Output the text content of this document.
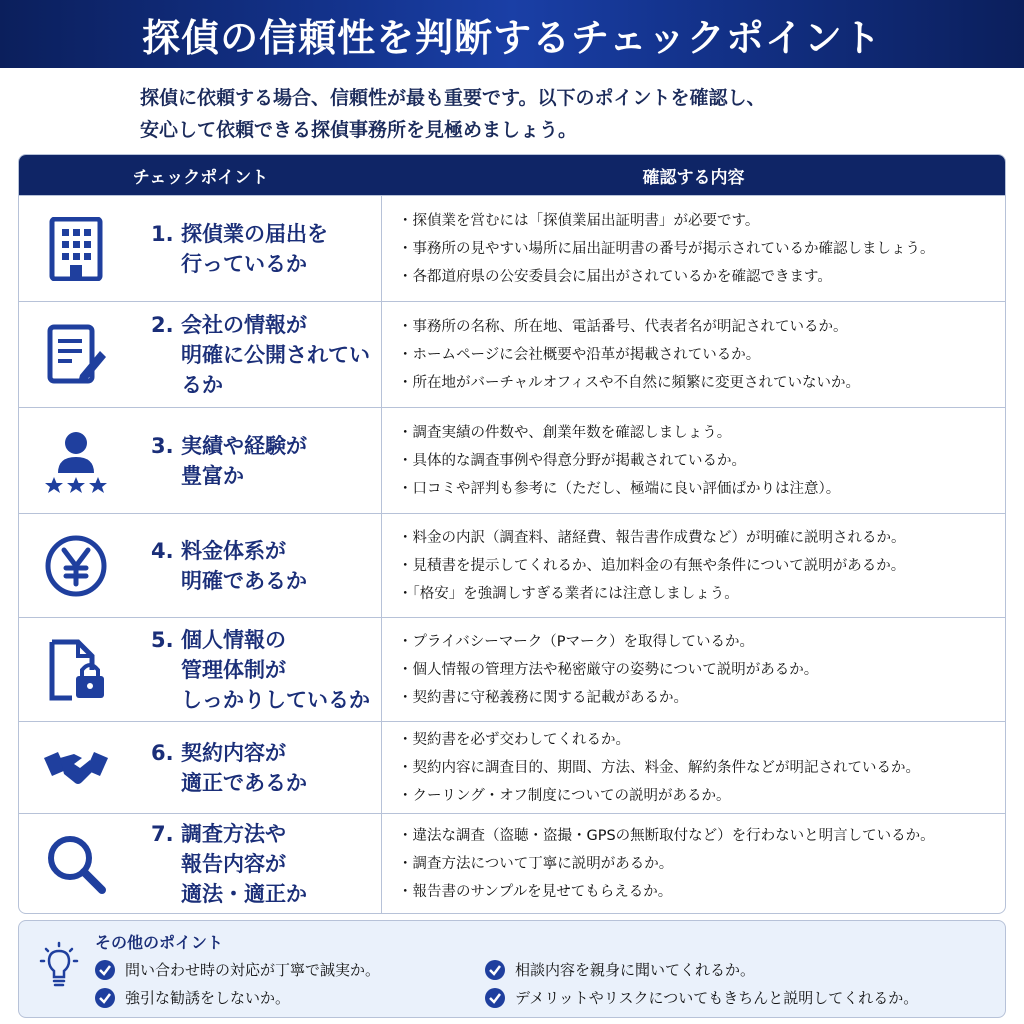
探偵の信頼性を判断するチェックポイント
探偵に依頼する場合、信頼性が最も重要です。以下のポイントを確認し、
安心して依頼できる探偵事務所を見極めましょう。
チェックポイント	確認する内容
1. 探偵業の届出を
行っているか
・探偵業を営むには「探偵業届出証明書」が必要です。
・事務所の見やすい場所に届出証明書の番号が掲示されているか確認しましょう。
・各都道府県の公安委員会に届出がされているかを確認できます。
2. 会社の情報が
明確に公開されているか
・事務所の名称、所在地、電話番号、代表者名が明記されているか。
・ホームページに会社概要や沿革が掲載されているか。
・所在地がバーチャルオフィスや不自然に頻繁に変更されていないか。
3. 実績や経験が
豊富か
・調査実績の件数や、創業年数を確認しましょう。
・具体的な調査事例や得意分野が掲載されているか。
・口コミや評判も参考に（ただし、極端に良い評価ばかりは注意）。
4. 料金体系が
明確であるか
・料金の内訳（調査料、諸経費、報告書作成費など）が明確に説明されるか。
・見積書を提示してくれるか、追加料金の有無や条件について説明があるか。
・「格安」を強調しすぎる業者には注意しましょう。
5. 個人情報の
管理体制が
しっかりしているか
・プライバシーマーク（Pマーク）を取得しているか。
・個人情報の管理方法や秘密厳守の姿勢について説明があるか。
・契約書に守秘義務に関する記載があるか。
6. 契約内容が
適正であるか
・契約書を必ず交わしてくれるか。
・契約内容に調査目的、期間、方法、料金、解約条件などが明記されているか。
・クーリング・オフ制度についての説明があるか。
7. 調査方法や
報告内容が
適法・適正か
・違法な調査（盗聴・盗撮・GPSの無断取付など）を行わないと明言しているか。
・調査方法について丁寧に説明があるか。
・報告書のサンプルを見せてもらえるか。
その他のポイント
問い合わせ時の対応が丁寧で誠実か。	相談内容を親身に聞いてくれるか。
強引な勧誘をしないか。	デメリットやリスクについてもきちんと説明してくれるか。
